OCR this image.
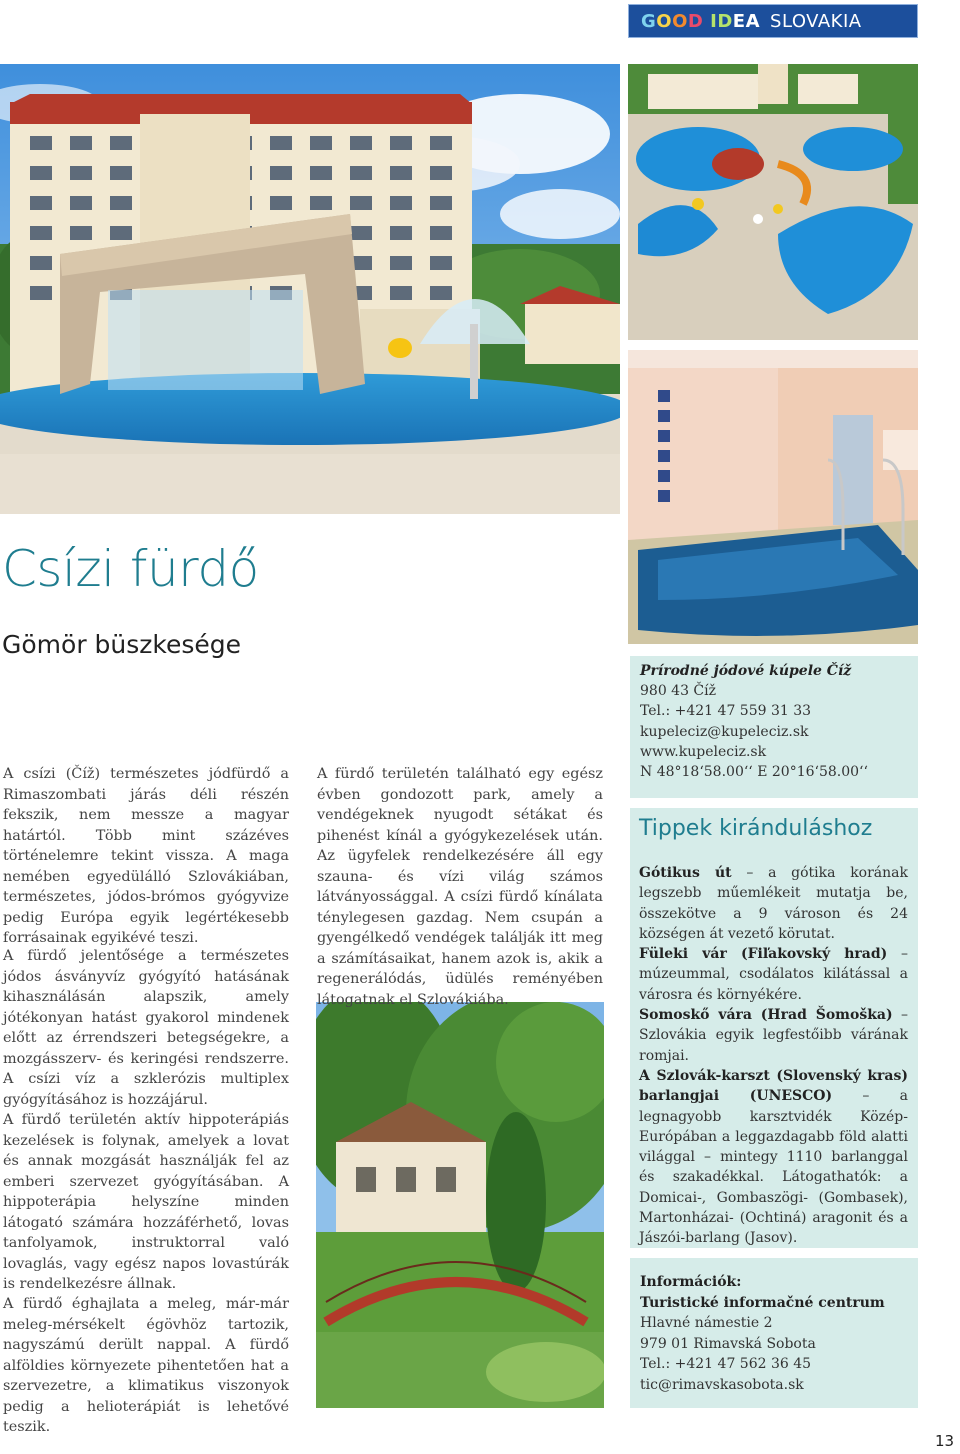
GOOD IDEA SLOVAKIA
Csízi fürdő
Gömör büszkesége

A csízi (Číž) természetes jódfürdő a Rimaszombati járás déli részén fekszik, nem messze a magyar határtól. Több mint százéves történelemre tekint vissza. A maga nemében egyedülálló Szlovákiában, természetes, jódos-brómos gyógyvize pedig Európa egyik legértékesebb forrásainak egyikévé teszi.

A fürdő jelentősége a természetes jódos ásványvíz gyógyító hatásának kihasználásán alapszik, amely jótékonyan hatást gyakorol mindenek előtt az érrendszeri betegségekre, a mozgásszerv- és keringési rendszerre. A csízi víz a szklerózis multiplex gyógyításához is hozzájárul.

A fürdő területén aktív hippoterápiás kezelések is folynak, amelyek a lovat és annak mozgását használják fel az emberi szervezet gyógyításában. A hippoterápia helyszíne minden látogató számára hozzáférhető, lovas tanfolyamok, instruktorral való lovaglás, vagy egész napos lovastúrák is rendelkezésre állnak.

A fürdő éghajlata a meleg, már-már meleg-mérsékelt égövhöz tartozik, nagyszámú derült nappal. A fürdő alföldies környezete pihentetően hat a szervezetre, a klimatikus viszonyok pedig a helioterápiát is lehetővé teszik.

A fürdő területén található egy egész évben gondozott park, amely a vendégeknek nyugodt sétákat és pihenést kínál a gyógykezelések után. Az ügyfelek rendelkezésére áll egy szauna- és vízi világ számos látványossággal. A csízi fürdő kínálata ténylegesen gazdag. Nem csupán a gyengélkedő vendégek találják itt meg a számításaikat, hanem azok is, akik a regenerálódás, üdülés reményében látogatnak el Szlovákiába.

Prírodné jódové kúpele Číž
980 43 Číž
Tel.: +421 47 559 31 33
kupeleciz@kupeleciz.sk
www.kupeleciz.sk
N 48°18‘58.00‘‘ E 20°16‘58.00‘‘
Tippek kiránduláshoz

Gótikus út – a gótika korának legszebb műemlékeit mutatja be, összekötve a 9 városon és 24 községen át vezető körutat.

Füleki vár (Fiľakovský hrad) – múzeummal, csodálatos kilátással a városra és környékére.

Somoskő vára (Hrad Šomoška) – Szlovákia egyik legfestőibb várának romjai.

A Szlovák-karszt (Slovenský kras) barlangjai (UNESCO) – a legnagyobb karsztvidék Közép-Európában a leggazdagabb föld alatti világgal – mintegy 1110 barlanggal és szakadékkal. Látogathatók: a Domicai-, Gombaszögi- (Gombasek), Martonházai- (Ochtiná) aragonit és a Jászói-barlang (Jasov).

Információk:
Turistické informačné centrum
Hlavné námestie 2
979 01 Rimavská Sobota
Tel.: +421 47 562 36 45
tic@rimavskasobota.sk
13
